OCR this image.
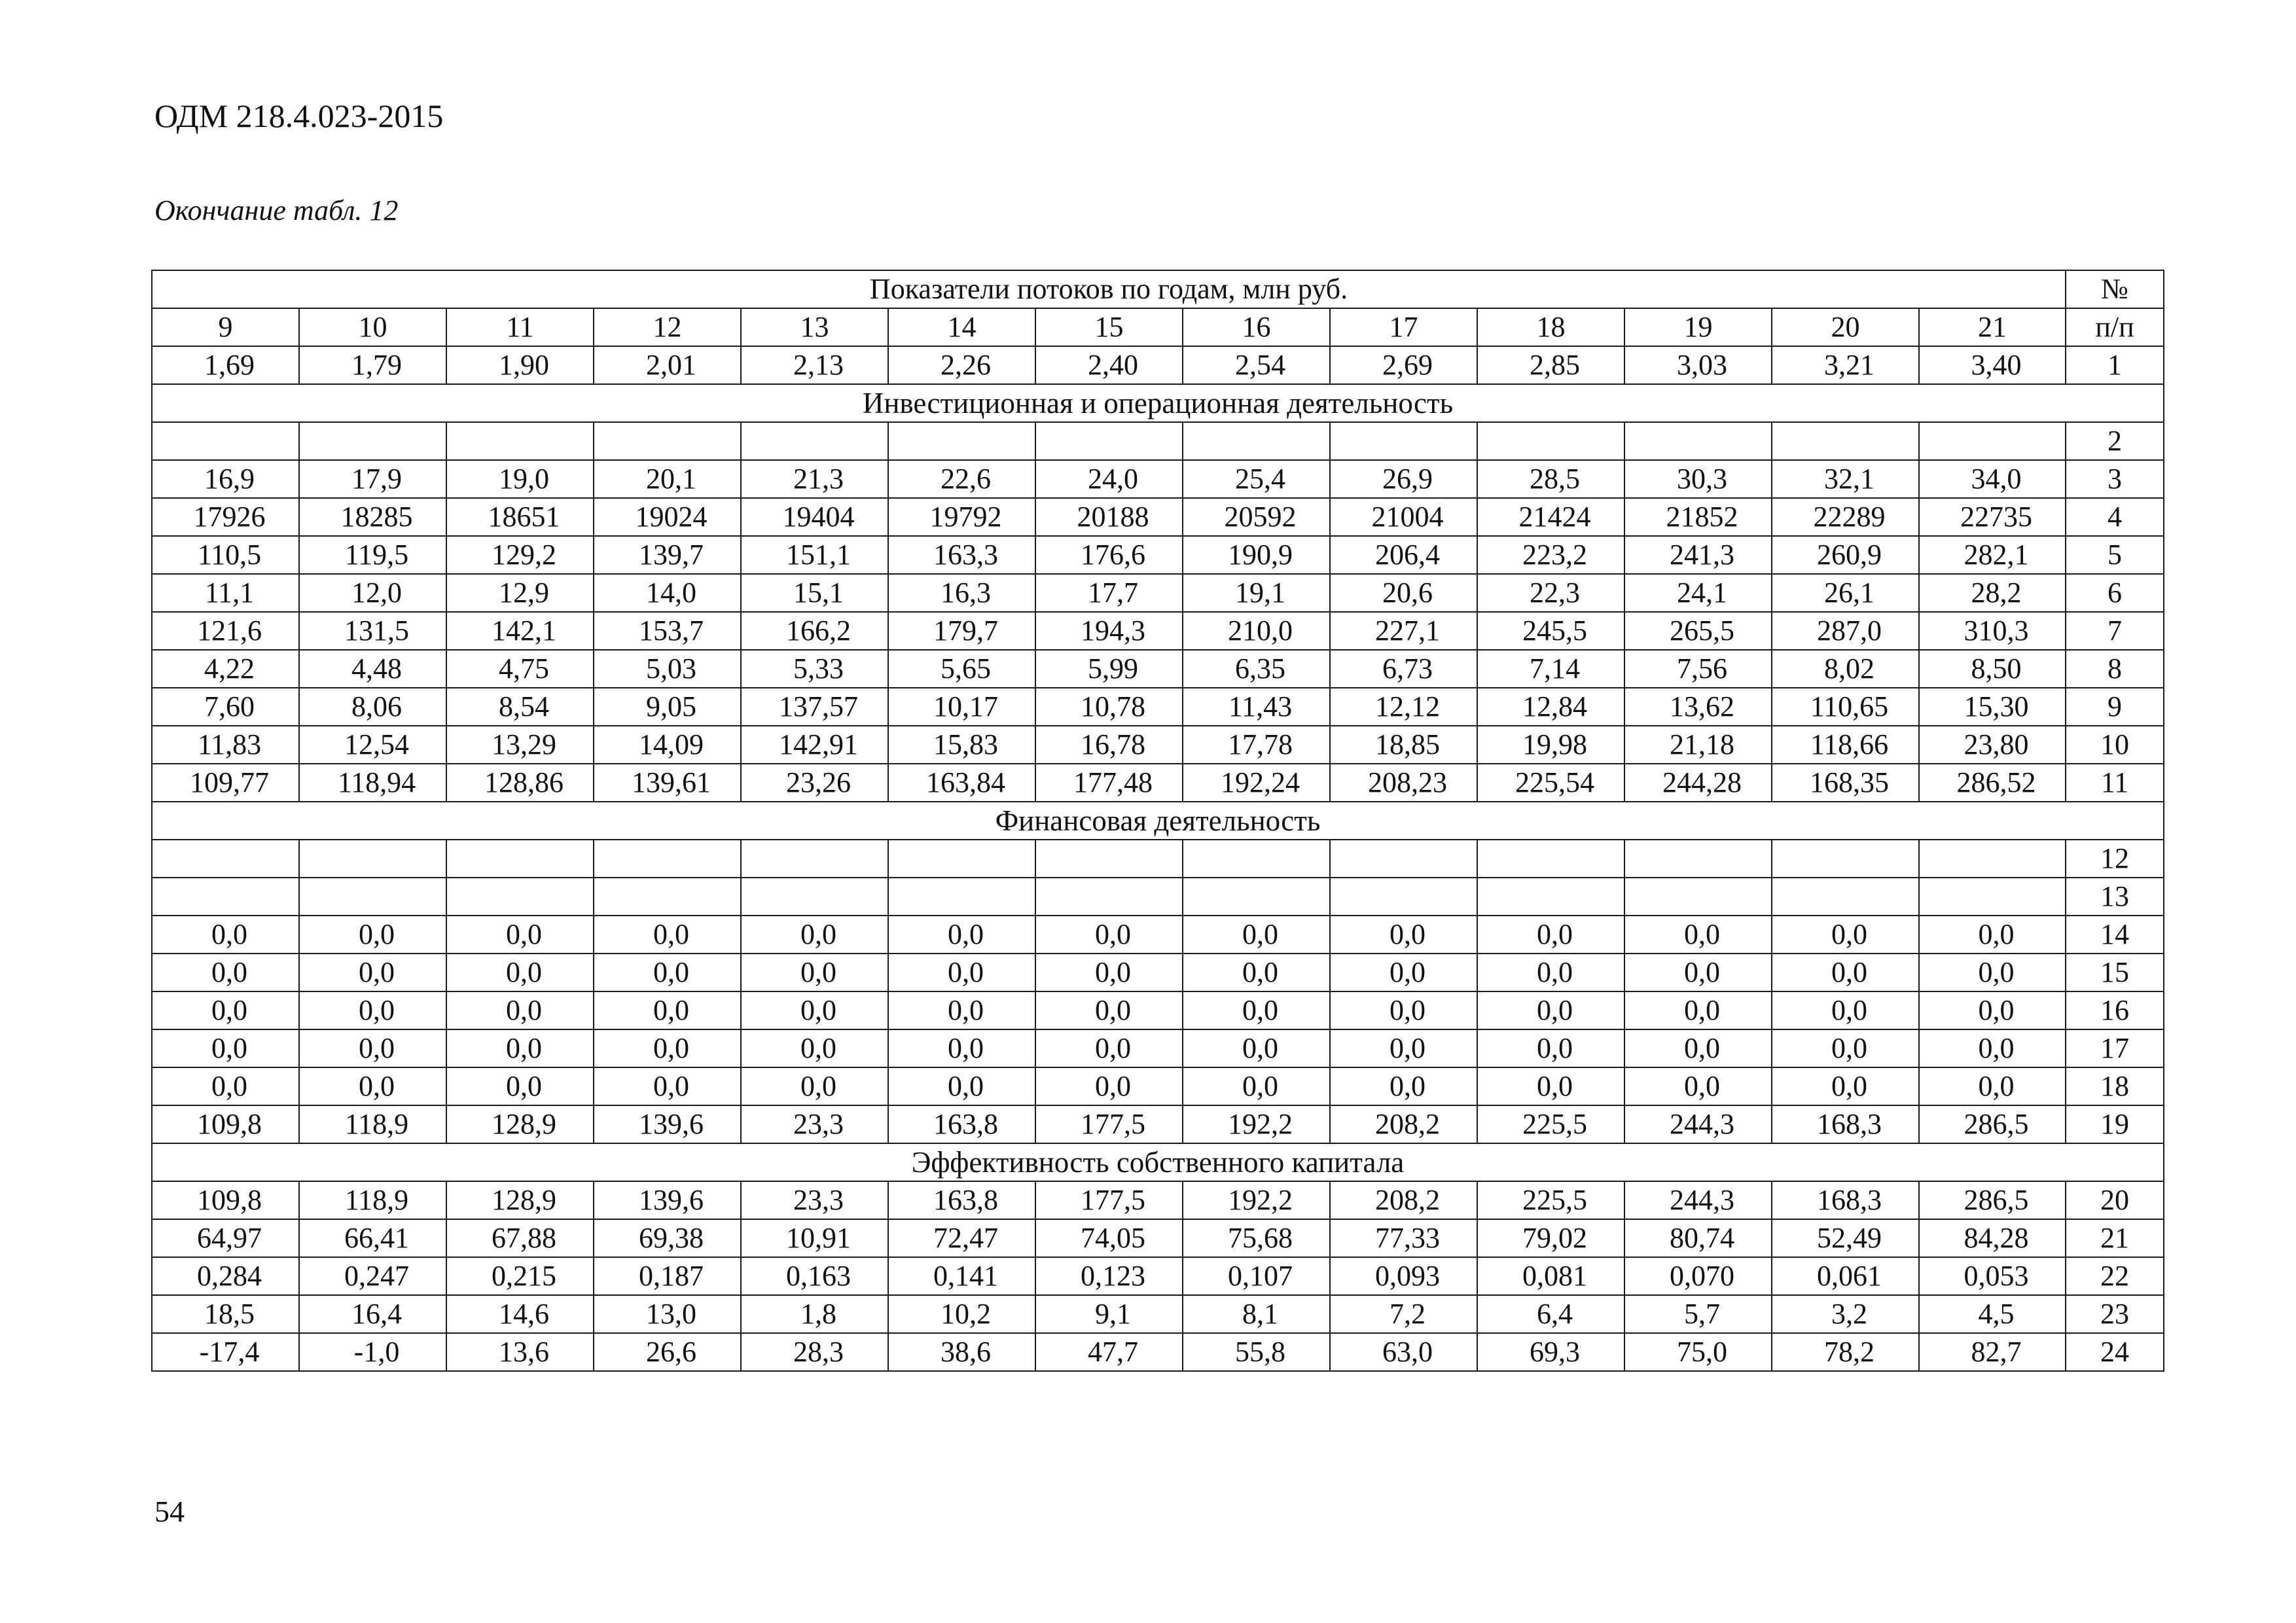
ОДМ 218.4.023-2015
Окончание табл. 12
Показатели потоков по годам, млн руб.													№
9	10	11	12	13	14	15	16	17	18	19	20	21	п/п
1,69	1,79	1,90	2,01	2,13	2,26	2,40	2,54	2,69	2,85	3,03	3,21	3,40	1
Инвестиционная и операционная деятельность													
													2
16,9	17,9	19,0	20,1	21,3	22,6	24,0	25,4	26,9	28,5	30,3	32,1	34,0	3
17926	18285	18651	19024	19404	19792	20188	20592	21004	21424	21852	22289	22735	4
110,5	119,5	129,2	139,7	151,1	163,3	176,6	190,9	206,4	223,2	241,3	260,9	282,1	5
11,1	12,0	12,9	14,0	15,1	16,3	17,7	19,1	20,6	22,3	24,1	26,1	28,2	6
121,6	131,5	142,1	153,7	166,2	179,7	194,3	210,0	227,1	245,5	265,5	287,0	310,3	7
4,22	4,48	4,75	5,03	5,33	5,65	5,99	6,35	6,73	7,14	7,56	8,02	8,50	8
7,60	8,06	8,54	9,05	137,57	10,17	10,78	11,43	12,12	12,84	13,62	110,65	15,30	9
11,83	12,54	13,29	14,09	142,91	15,83	16,78	17,78	18,85	19,98	21,18	118,66	23,80	10
109,77	118,94	128,86	139,61	23,26	163,84	177,48	192,24	208,23	225,54	244,28	168,35	286,52	11
Финансовая деятельность													
													12
													13
0,0	0,0	0,0	0,0	0,0	0,0	0,0	0,0	0,0	0,0	0,0	0,0	0,0	14
0,0	0,0	0,0	0,0	0,0	0,0	0,0	0,0	0,0	0,0	0,0	0,0	0,0	15
0,0	0,0	0,0	0,0	0,0	0,0	0,0	0,0	0,0	0,0	0,0	0,0	0,0	16
0,0	0,0	0,0	0,0	0,0	0,0	0,0	0,0	0,0	0,0	0,0	0,0	0,0	17
0,0	0,0	0,0	0,0	0,0	0,0	0,0	0,0	0,0	0,0	0,0	0,0	0,0	18
109,8	118,9	128,9	139,6	23,3	163,8	177,5	192,2	208,2	225,5	244,3	168,3	286,5	19
Эффективность собственного капитала													
109,8	118,9	128,9	139,6	23,3	163,8	177,5	192,2	208,2	225,5	244,3	168,3	286,5	20
64,97	66,41	67,88	69,38	10,91	72,47	74,05	75,68	77,33	79,02	80,74	52,49	84,28	21
0,284	0,247	0,215	0,187	0,163	0,141	0,123	0,107	0,093	0,081	0,070	0,061	0,053	22
18,5	16,4	14,6	13,0	1,8	10,2	9,1	8,1	7,2	6,4	5,7	3,2	4,5	23
-17,4	-1,0	13,6	26,6	28,3	38,6	47,7	55,8	63,0	69,3	75,0	78,2	82,7	24
54
